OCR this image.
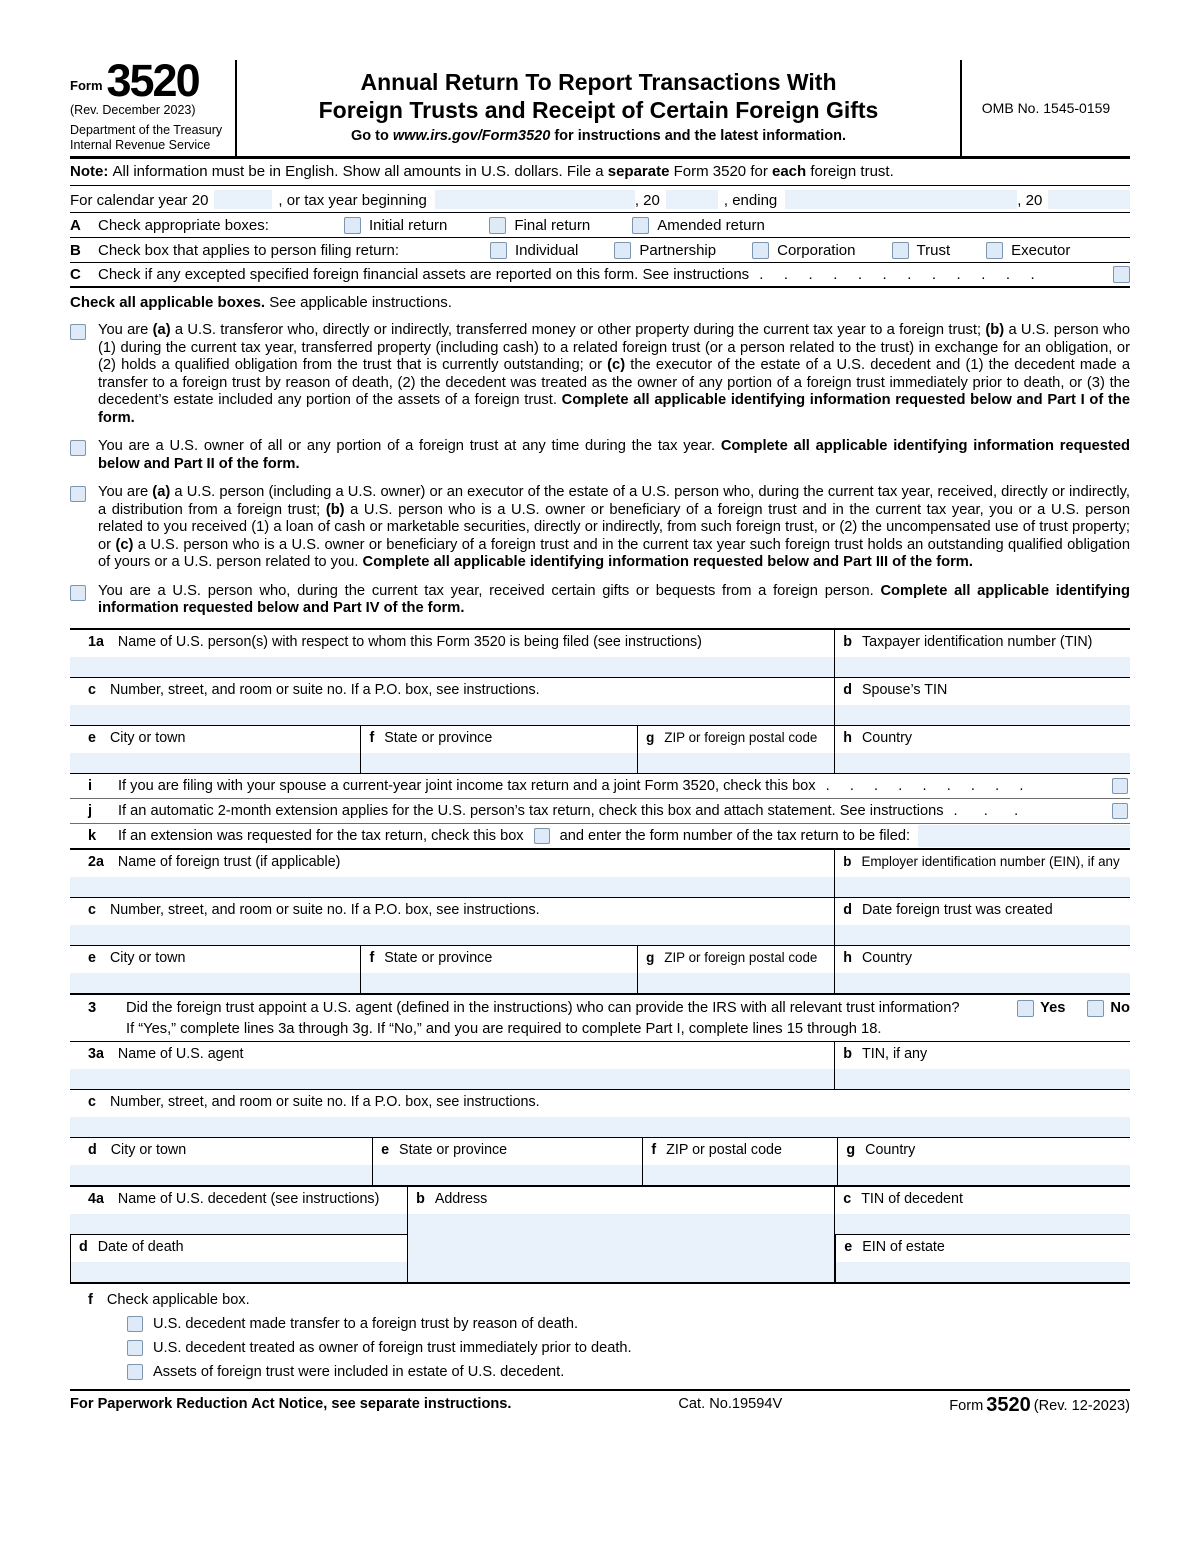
Form 3520
(Rev. December 2023)
Department of the Treasury
Internal Revenue Service
Annual Return To Report Transactions With
Foreign Trusts and Receipt of Certain Foreign Gifts
Go to www.irs.gov/Form3520 for instructions and the latest information.
OMB No. 1545-0159
Note: All information must be in English. Show all amounts in U.S. dollars. File a separate Form 3520 for each foreign trust.
For calendar year 20	, or tax year beginning	, 20	, ending	, 20
A	Check appropriate boxes:	Initial return	Final return	Amended return
B	Check box that applies to person filing return:	Individual	Partnership	Corporation	Trust	Executor
C	Check if any excepted specified foreign financial assets are reported on this form. See instructions .   .   .   .   .   .   .   .   .   .   .   .
Check all applicable boxes. See applicable instructions.
You are (a) a U.S. transferor who, directly or indirectly, transferred money or other property during the current tax year to a foreign trust; (b) a U.S. person who (1) during the current tax year, transferred property (including cash) to a related foreign trust (or a person related to the trust) in exchange for an obligation, or (2) holds a qualified obligation from the trust that is currently outstanding; or (c) the executor of the estate of a U.S. decedent and (1) the decedent made a transfer to a foreign trust by reason of death, (2) the decedent was treated as the owner of any portion of a foreign trust immediately prior to death, or (3) the decedent’s estate included any portion of the assets of a foreign trust. Complete all applicable identifying information requested below and Part I of the form.
You are a U.S. owner of all or any portion of a foreign trust at any time during the tax year. Complete all applicable identifying information requested below and Part II of the form.
You are (a) a U.S. person (including a U.S. owner) or an executor of the estate of a U.S. person who, during the current tax year, received, directly or indirectly, a distribution from a foreign trust; (b) a U.S. person who is a U.S. owner or beneficiary of a foreign trust and in the current tax year, you or a U.S. person related to you received (1) a loan of cash or marketable securities, directly or indirectly, from such foreign trust, or (2) the uncompensated use of trust property; or (c) a U.S. person who is a U.S. owner or beneficiary of a foreign trust and in the current tax year such foreign trust holds an outstanding qualified obligation of yours or a U.S. person related to you. Complete all applicable identifying information requested below and Part III of the form.
You are a U.S. person who, during the current tax year, received certain gifts or bequests from a foreign person. Complete all applicable identifying information requested below and Part IV of the form.
1a Name of U.S. person(s) with respect to whom this Form 3520 is being filed (see instructions)	b Taxpayer identification number (TIN)
c Number, street, and room or suite no. If a P.O. box, see instructions.	d Spouse’s TIN
e City or town	f State or province	g ZIP or foreign postal code h Country
i	If you are filing with your spouse a current-year joint income tax return and a joint Form 3520, check this box .   .   .   .   .   .   .   .   .
j	If an automatic 2-month extension applies for the U.S. person’s tax return, check this box and attach statement. See instructions .    .    .
k	If an extension was requested for the tax return, check this box and enter the form number of the tax return to be filed:
2a Name of foreign trust (if applicable)	b Employer identification number (EIN), if any
c Number, street, and room or suite no. If a P.O. box, see instructions.	d Date foreign trust was created
e City or town	f State or province	g ZIP or foreign postal code h Country
3	Did the foreign trust appoint a U.S. agent (defined in the instructions) who can provide the IRS with all relevant trust information?	Yes	No
If “Yes,” complete lines 3a through 3g. If “No,” and you are required to complete Part I, complete lines 15 through 18.
3a Name of U.S. agent	b TIN, if any
c Number, street, and room or suite no. If a P.O. box, see instructions.
d City or town	e State or province	f ZIP or postal code	g Country
4a Name of U.S. decedent (see instructions)
d Date of death
b Address	c TIN of decedent
e EIN of estate
f Check applicable box.
U.S. decedent made transfer to a foreign trust by reason of death.
U.S. decedent treated as owner of foreign trust immediately prior to death.
Assets of foreign trust were included in estate of U.S. decedent.
For Paperwork Reduction Act Notice, see separate instructions.	Cat. No.19594V	Form 3520 (Rev. 12-2023)
